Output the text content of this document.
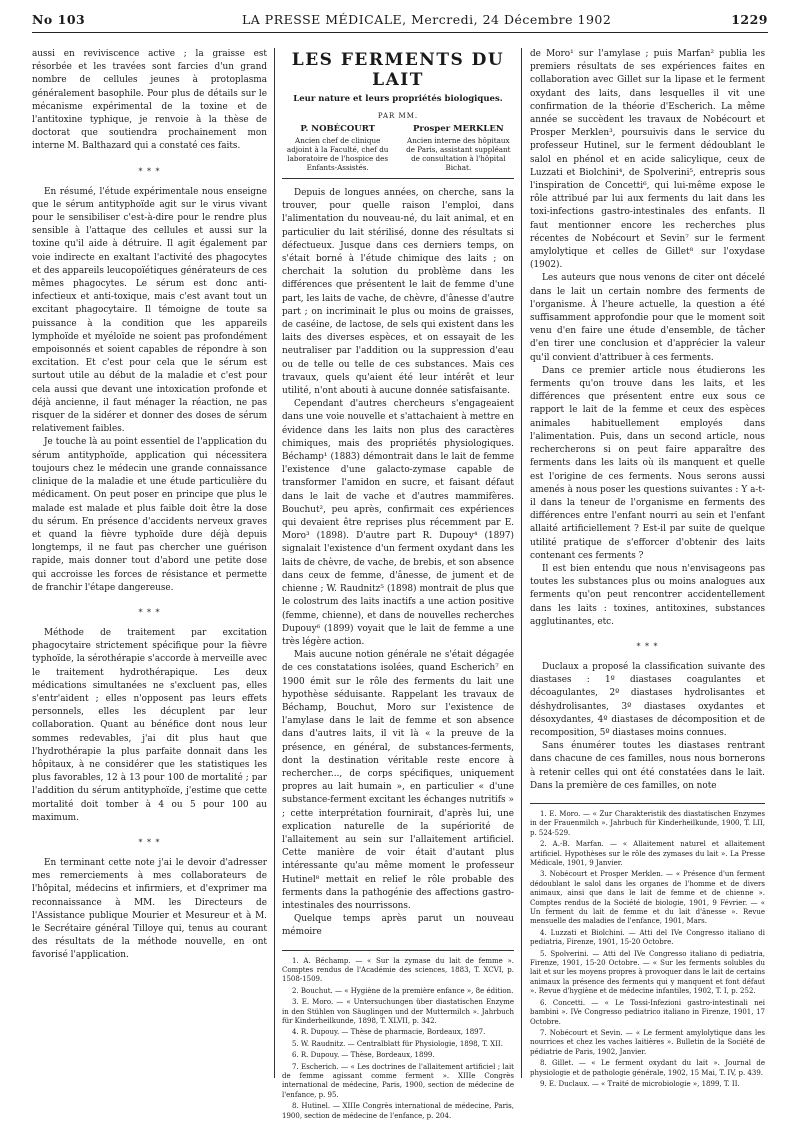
No 103	LA PRESSE MÉDICALE, Mercredi, 24 Décembre 1902	1229

aussi en reviviscence active ; la graisse est résorbée et les travées sont farcies d'un grand nombre de cellules jeunes à protoplasma généralement basophile. Pour plus de détails sur le mécanisme expérimental de la toxine et de l'antitoxine typhique, je renvoie à la thèse de doctorat que soutiendra prochainement mon interne M. Balthazard qui a constaté ces faits.

* * *

En résumé, l'étude expérimentale nous enseigne que le sérum antityphoïde agit sur le virus vivant pour le sensibiliser c'est-à-dire pour le rendre plus sensible à l'attaque des cellules et aussi sur la toxine qu'il aide à détruire. Il agit également par voie indirecte en exaltant l'activité des phagocytes et des appareils leucopoïétiques générateurs de ces mêmes phagocytes. Le sérum est donc anti-infectieux et anti-toxique, mais c'est avant tout un excitant phagocytaire. Il témoigne de toute sa puissance à la condition que les appareils lymphoïde et myéloïde ne soient pas profondément empoisonnés et soient capables de répondre à son excitation. Et c'est pour cela que le sérum est surtout utile au début de la maladie et c'est pour cela aussi que devant une intoxication profonde et déjà ancienne, il faut ménager la réaction, ne pas risquer de la sidérer et donner des doses de sérum relativement faibles.

Je touche là au point essentiel de l'application du sérum antityphoïde, application qui nécessitera toujours chez le médecin une grande connaissance clinique de la maladie et une étude particulière du médicament. On peut poser en principe que plus le malade est malade et plus faible doit être la dose du sérum. En présence d'accidents nerveux graves et quand la fièvre typhoïde dure déjà depuis longtemps, il ne faut pas chercher une guérison rapide, mais donner tout d'abord une petite dose qui accroisse les forces de résistance et permette de franchir l'étape dangereuse.

* * *

Méthode de traitement par excitation phagocytaire strictement spécifique pour la fièvre typhoïde, la sérothérapie s'accorde à merveille avec le traitement hydrothérapique. Les deux médications simultanées ne s'excluent pas, elles s'entr'aident ; elles n'opposent pas leurs effets personnels, elles les décuplent par leur collaboration. Quant au bénéfice dont nous leur sommes redevables, j'ai dit plus haut que l'hydrothérapie la plus parfaite donnait dans les hôpitaux, à ne considérer que les statistiques les plus favorables, 12 à 13 pour 100 de mortalité ; par l'addition du sérum antityphoïde, j'estime que cette mortalité doit tomber à 4 ou 5 pour 100 au maximum.

* * *

En terminant cette note j'ai le devoir d'adresser mes remerciements à mes collaborateurs de l'hôpital, médecins et infirmiers, et d'exprimer ma reconnaissance à MM. les Directeurs de l'Assistance publique Mourier et Mesureur et à M. le Secrétaire général Tilloye qui, tenus au courant des résultats de la méthode nouvelle, en ont favorisé l'application.

LES FERMENTS DU LAIT
Leur nature et leurs propriétés biologiques.
PAR MM.
P. NOBÉCOURT
Ancien chef de clinique adjoint à la Faculté, chef du laboratoire de l'hospice des Enfants-Assistés.
Prosper MERKLEN
Ancien interne des hôpitaux de Paris, assistant suppléant de consultation à l'hôpital Bichat.

Depuis de longues années, on cherche, sans la trouver, pour quelle raison l'emploi, dans l'alimentation du nouveau-né, du lait animal, et en particulier du lait stérilisé, donne des résultats si défectueux. Jusque dans ces derniers temps, on s'était borné à l'étude chimique des laits ; on cherchait la solution du problème dans les différences que présentent le lait de femme d'une part, les laits de vache, de chèvre, d'ânesse d'autre part ; on incriminait le plus ou moins de graisses, de caséine, de lactose, de sels qui existent dans les laits des diverses espèces, et on essayait de les neutraliser par l'addition ou la suppression d'eau ou de telle ou telle de ces substances. Mais ces travaux, quels qu'aient été leur intérêt et leur utilité, n'ont abouti à aucune donnée satisfaisante.

Cependant d'autres chercheurs s'engageaient dans une voie nouvelle et s'attachaient à mettre en évidence dans les laits non plus des caractères chimiques, mais des propriétés physiologiques. Béchamp¹ (1883) démontrait dans le lait de femme l'existence d'une galacto-zymase capable de transformer l'amidon en sucre, et faisant défaut dans le lait de vache et d'autres mammifères. Bouchut², peu après, confirmait ces expériences qui devaient être reprises plus récemment par E. Moro³ (1898). D'autre part R. Dupouy⁴ (1897) signalait l'existence d'un ferment oxydant dans les laits de chèvre, de vache, de brebis, et son absence dans ceux de femme, d'ânesse, de jument et de chienne ; W. Raudnitz⁵ (1898) montrait de plus que le colostrum des laits inactifs a une action positive (femme, chienne), et dans de nouvelles recherches Dupouy⁶ (1899) voyait que le lait de femme a une très légère action.

Mais aucune notion générale ne s'était dégagée de ces constatations isolées, quand Escherich⁷ en 1900 émit sur le rôle des ferments du lait une hypothèse séduisante. Rappelant les travaux de Béchamp, Bouchut, Moro sur l'existence de l'amylase dans le lait de femme et son absence dans d'autres laits, il vit là « la preuve de la présence, en général, de substances-ferments, dont la destination véritable reste encore à rechercher..., de corps spécifiques, uniquement propres au lait humain », en particulier « d'une substance-ferment excitant les échanges nutritifs » ; cette interprétation fournirait, d'après lui, une explication naturelle de la supériorité de l'allaitement au sein sur l'allaitement artificiel. Cette manière de voir était d'autant plus intéressante qu'au même moment le professeur Hutinel⁸ mettait en relief le rôle probable des ferments dans la pathogénie des affections gastro-intestinales des nourrissons.

Quelque temps après parut un nouveau mémoire

1. A. Béchamp. — « Sur la zymase du lait de femme ». Comptes rendus de l'Académie des sciences, 1883, T. XCVI, p. 1508-1509.
2. Bouchut. — « Hygiène de la première enfance », 8e édition.
3. E. Moro. — « Untersuchungen über diastatischen Enzyme in den Stühlen von Säuglingen und der Muttermilch ». Jahrbuch für Kinderheilkunde, 1898, T. XLVII, p. 342.
4. R. Dupouy. — Thèse de pharmacie, Bordeaux, 1897.
5. W. Raudnitz. — Centralblatt für Physiologie, 1898, T. XII.
6. R. Dupouy. — Thèse, Bordeaux, 1899.
7. Escherich. — « Les doctrines de l'allaitement artificiel ; lait de femme agissant comme ferment ». XIIIe Congrès international de médecine, Paris, 1900, section de médecine de l'enfance, p. 95.
8. Hutinel. — XIIIe Congrès international de médecine, Paris, 1900, section de médecine de l'enfance, p. 204.

de Moro¹ sur l'amylase ; puis Marfan² publia les premiers résultats de ses expériences faites en collaboration avec Gillet sur la lipase et le ferment oxydant des laits, dans lesquelles il vit une confirmation de la théorie d'Escherich. La même année se succèdent les travaux de Nobécourt et Prosper Merklen³, poursuivis dans le service du professeur Hutinel, sur le ferment dédoublant le salol en phénol et en acide salicylique, ceux de Luzzati et Biolchini⁴, de Spolverini⁵, entrepris sous l'inspiration de Concetti⁶, qui lui-même expose le rôle attribué par lui aux ferments du lait dans les toxi-infections gastro-intestinales des enfants. Il faut mentionner encore les recherches plus récentes de Nobécourt et Sevin⁷ sur le ferment amylolytique et celles de Gillet⁸ sur l'oxydase (1902).

Les auteurs que nous venons de citer ont décelé dans le lait un certain nombre des ferments de l'organisme. À l'heure actuelle, la question a été suffisamment approfondie pour que le moment soit venu d'en faire une étude d'ensemble, de tâcher d'en tirer une conclusion et d'apprécier la valeur qu'il convient d'attribuer à ces ferments.

Dans ce premier article nous étudierons les ferments qu'on trouve dans les laits, et les différences que présentent entre eux sous ce rapport le lait de la femme et ceux des espèces animales habituellement employés dans l'alimentation. Puis, dans un second article, nous rechercherons si on peut faire apparaître des ferments dans les laits où ils manquent et quelle est l'origine de ces ferments. Nous serons aussi amenés à nous poser les questions suivantes : Y a-t-il dans la teneur de l'organisme en ferments des différences entre l'enfant nourri au sein et l'enfant allaité artificiellement ? Est-il par suite de quelque utilité pratique de s'efforcer d'obtenir des laits contenant ces ferments ?

Il est bien entendu que nous n'envisageons pas toutes les substances plus ou moins analogues aux ferments qu'on peut rencontrer accidentellement dans les laits : toxines, antitoxines, substances agglutinantes, etc.

* * *

Duclaux a proposé la classification suivante des diastases : 1º diastases coagulantes et décoagulantes, 2º diastases hydrolisantes et déshydrolisantes, 3º diastases oxydantes et désoxydantes, 4º diastases de décomposition et de recomposition, 5º diastases moins connues.

Sans énumérer toutes les diastases rentrant dans chacune de ces familles, nous nous bornerons à retenir celles qui ont été constatées dans le lait. Dans la première de ces familles, on note

1. E. Moro. — « Zur Charakteristik des diastatischen Enzymes in der Frauenmilch ». Jahrbuch für Kinderheilkunde, 1900, T. LII, p. 524-529.
2. A.-B. Marfan. — « Allaitement naturel et allaitement artificiel. Hypothèses sur le rôle des zymases du lait ». La Presse Médicale, 1901, 9 Janvier.
3. Nobécourt et Prosper Merklen. — « Présence d'un ferment dédoublant le salol dans les organes de l'homme et de divers animaux, ainsi que dans le lait de femme et de chienne ». Comptes rendus de la Société de biologie, 1901, 9 Février. — « Un ferment du lait de femme et du lait d'ânesse ». Revue mensuelle des maladies de l'enfance, 1901, Mars.
4. Luzzati et Biolchini. — Atti del IVe Congresso italiano di pediatria, Firenze, 1901, 15-20 Octobre.
5. Spolverini. — Atti del IVe Congresso italiano di pediatria, Firenze, 1901, 15-20 Octobre. — « Sur les ferments solubles du lait et sur les moyens propres à provoquer dans le lait de certains animaux la présence des ferments qui y manquent et font défaut ». Revue d'hygiène et de médecine infantiles, 1902, T. I, p. 252.
6. Concetti. — « Le Tossi-Infezioni gastro-intestinali nei bambini ». IVe Congresso pediatrico italiano in Firenze, 1901, 17 Octobre.
7. Nobécourt et Sevin. — « Le ferment amylolytique dans les nourrices et chez les vaches laitières ». Bulletin de la Société de pédiatrie de Paris, 1902, Janvier.
8. Gillet. — « Le ferment oxydant du lait ». Journal de physiologie et de pathologie générale, 1902, 15 Mai, T. IV, p. 439.
9. E. Duclaux. — « Traité de microbiologie », 1899, T. II.
